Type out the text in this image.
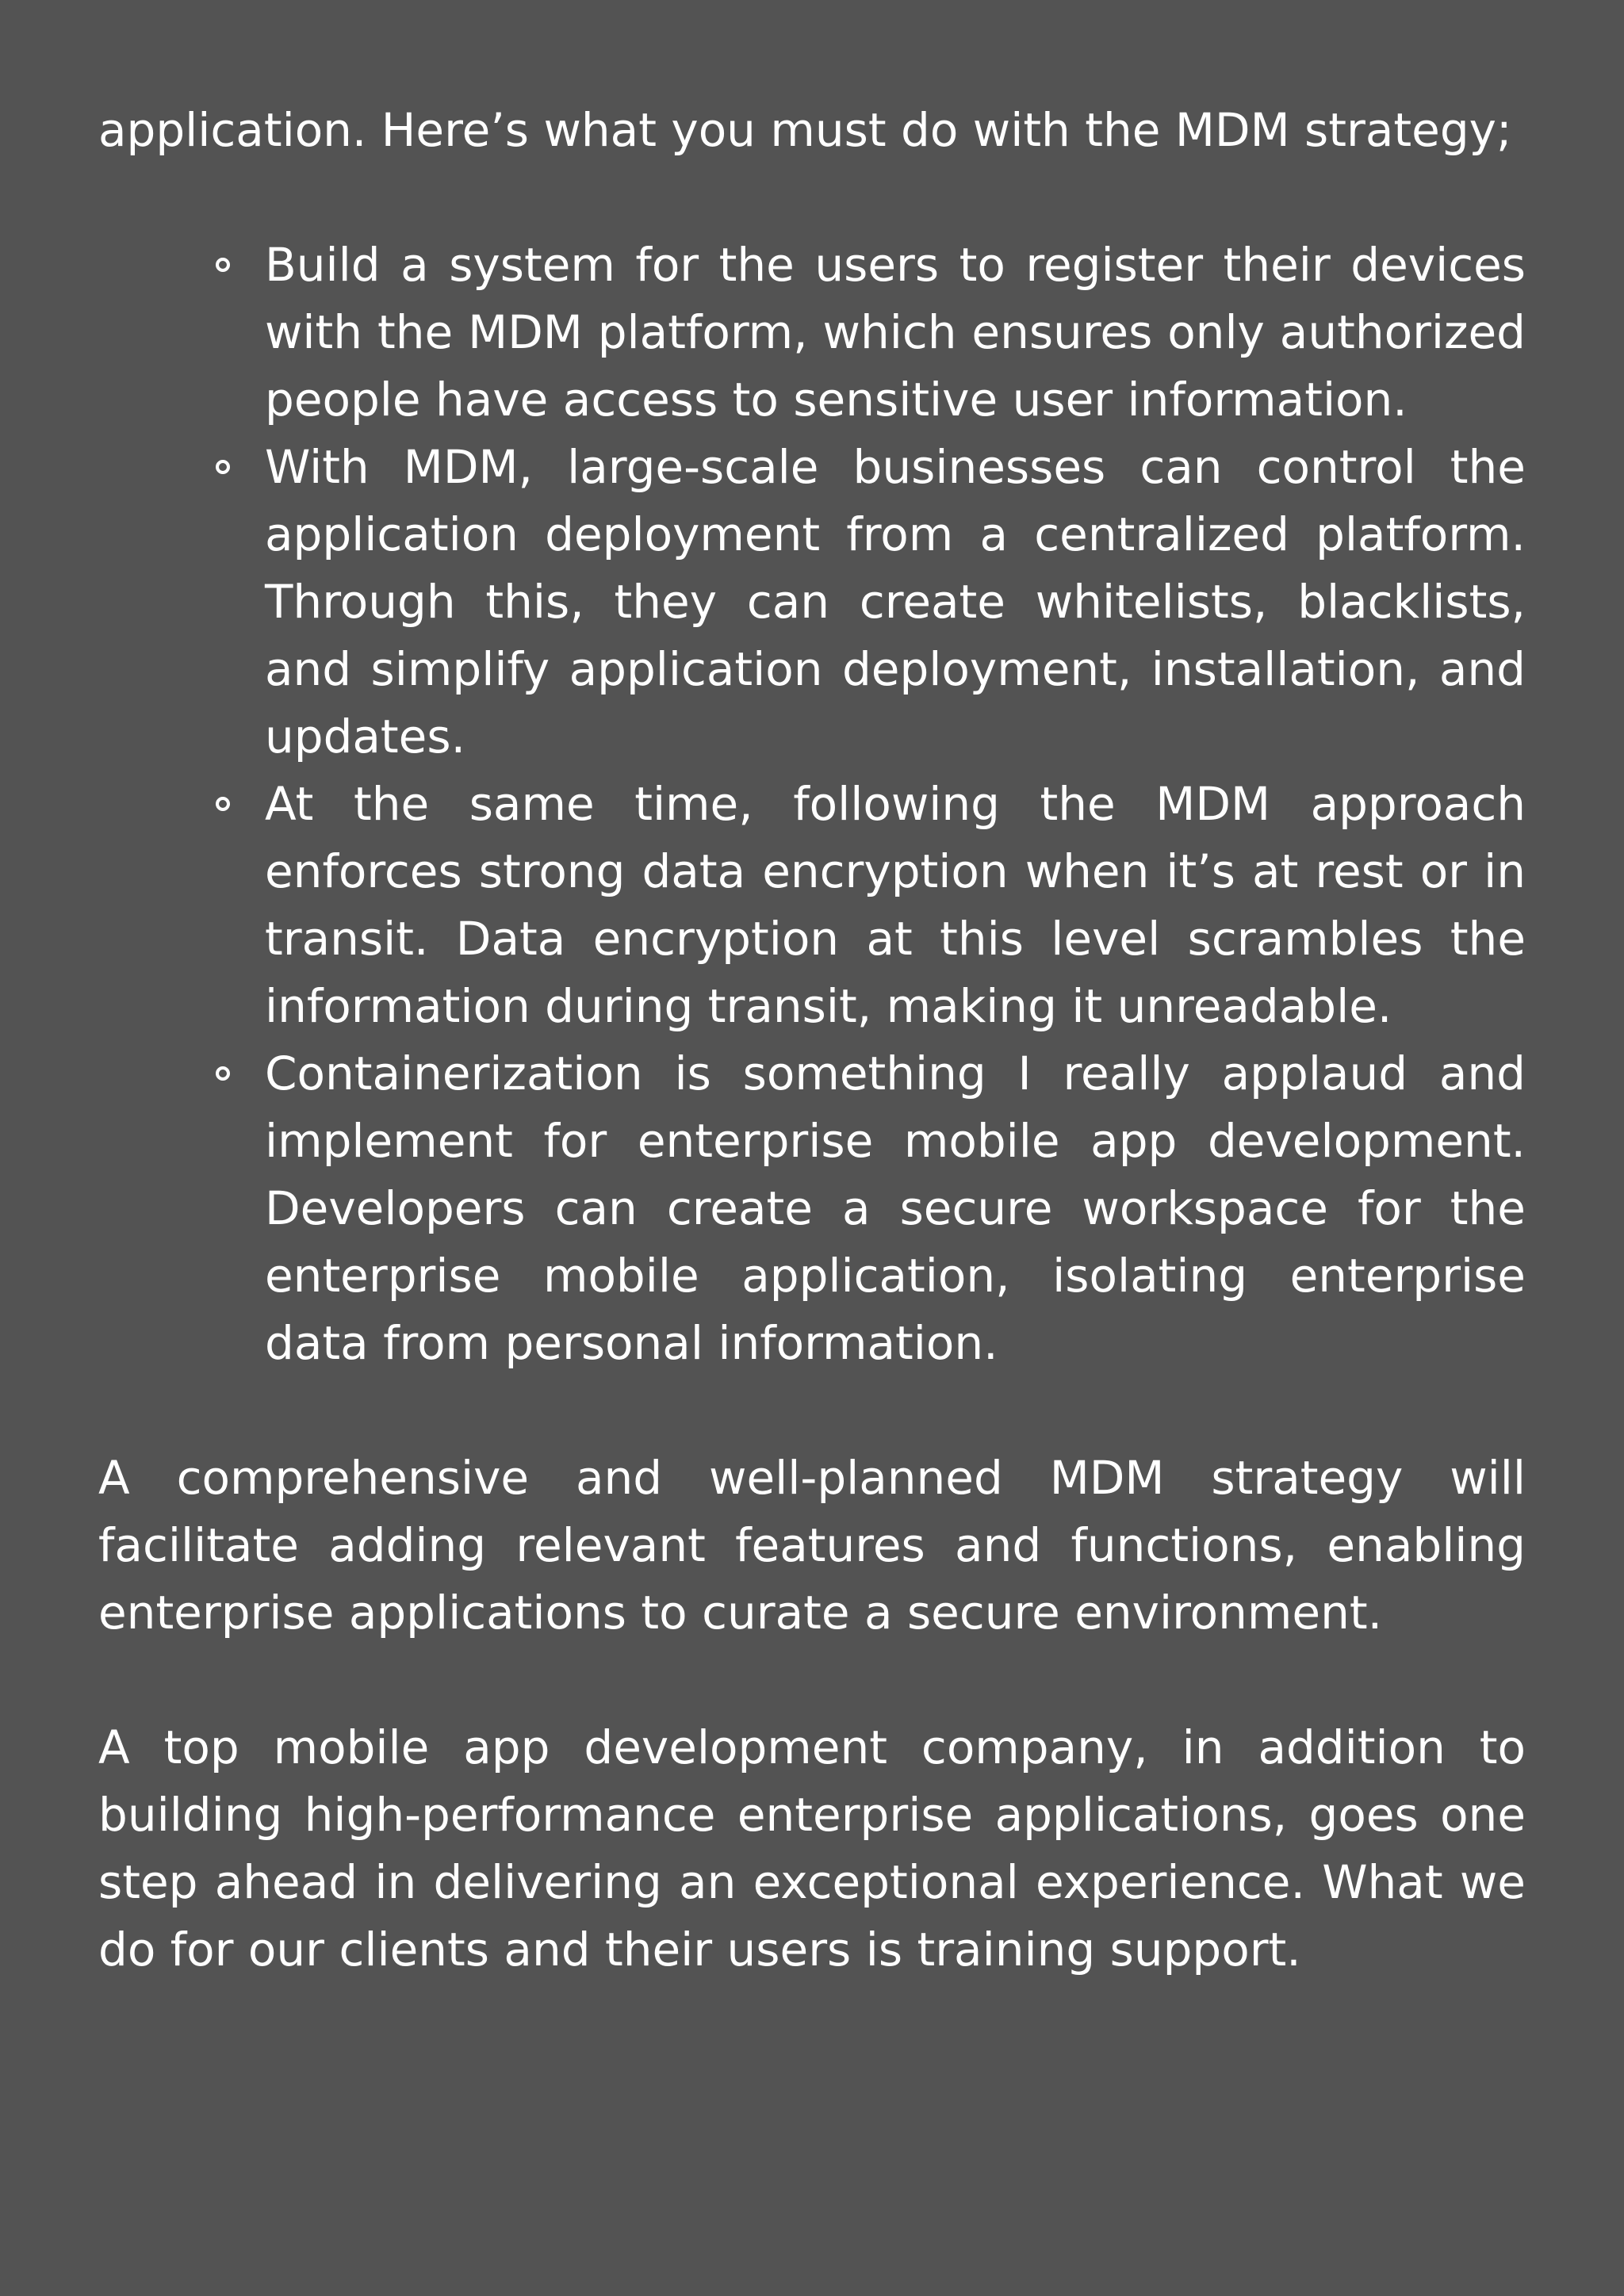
application. Here’s what you must do with the MDM strategy;

Build a system for the users to register their devices with the MDM platform, which ensures only authorized people have access to sensitive user information.
With MDM, large-scale businesses can control the application deployment from a centralized platform. Through this, they can create whitelists, blacklists, and simplify application deployment, installation, and updates.
At the same time, following the MDM approach enforces strong data encryption when it’s at rest or in transit. Data encryption at this level scrambles the information during transit, making it unreadable.
Containerization is something I really applaud and implement for enterprise mobile app development. Developers can create a secure workspace for the enterprise mobile application, isolating enterprise data from personal information.

A comprehensive and well-planned MDM strategy will facilitate adding relevant features and functions, enabling enterprise applications to curate a secure environment.

A top mobile app development company, in addition to building high-performance enterprise applications, goes one step ahead in delivering an exceptional experience. What we do for our clients and their users is training support.
